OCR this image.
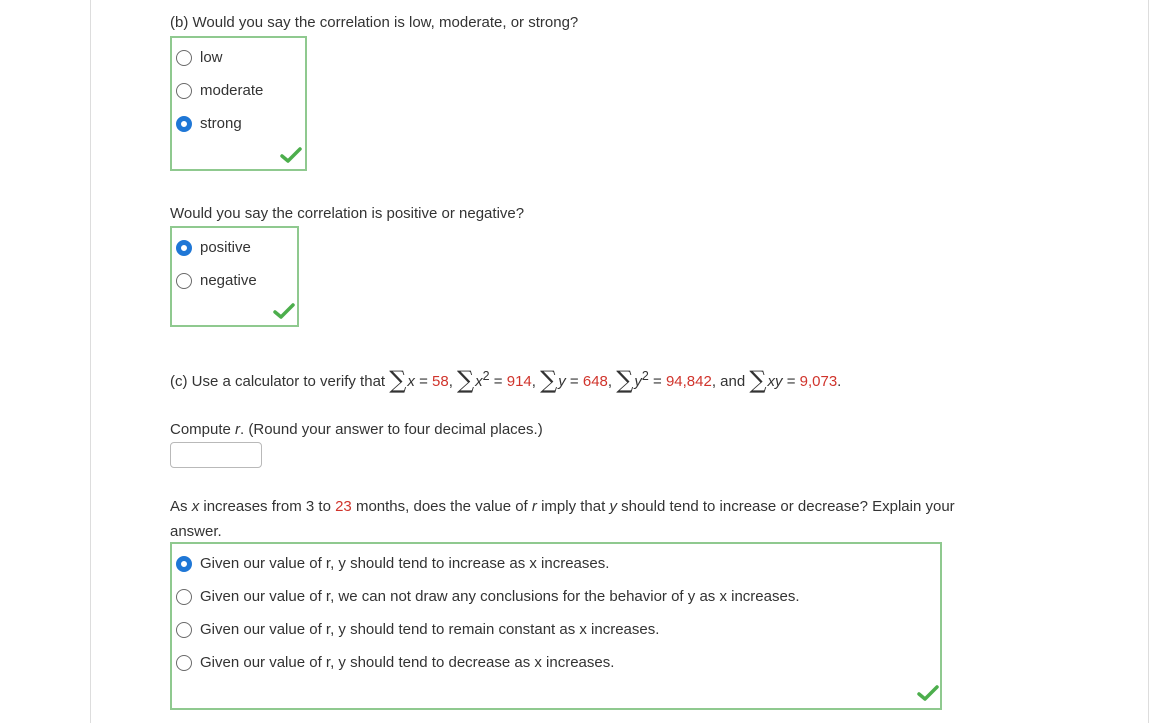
(b) Would you say the correlation is low, moderate, or strong?
low
moderate
strong
Would you say the correlation is positive or negative?
positive
negative
(c) Use a calculator to verify that ∑x = 58, $\sum x^2 = 914$, ∑y = 648, $\sum y^2 = 94,842$, and ∑xy = 9,073.
Compute r. (Round your answer to four decimal places.)
As x increases from 3 to 23 months, does the value of r imply that y should tend to increase or decrease? Explain your
answer.
Given our value of r, y should tend to increase as x increases.
Given our value of r, we can not draw any conclusions for the behavior of y as x increases.
Given our value of r, y should tend to remain constant as x increases.
Given our value of r, y should tend to decrease as x increases.
